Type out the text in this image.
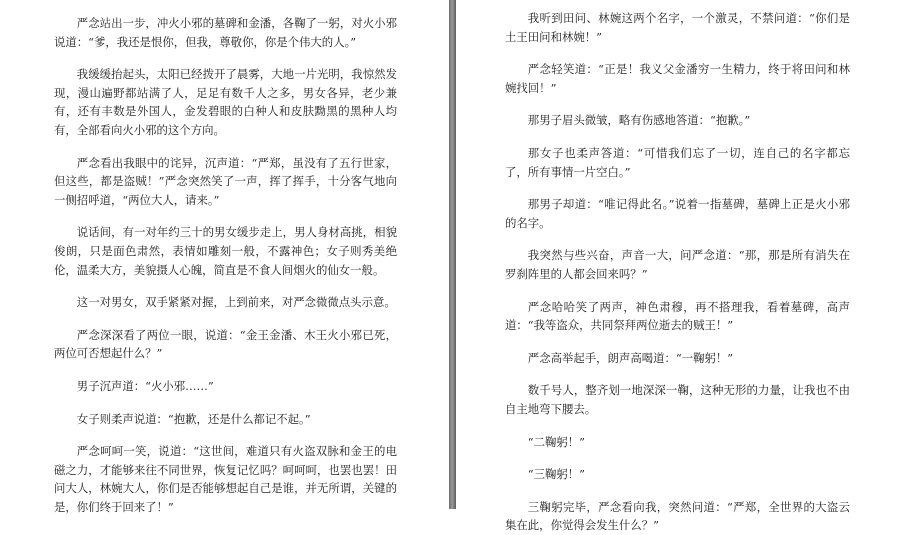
严念站出一步，冲火小邪的墓碑和金潘，各鞠了一躬，对火小邪说道：“爹，我还是恨你，但我，尊敬你，你是个伟大的人。”

我缓缓抬起头，太阳已经拨开了晨雾，大地一片光明，我惊然发现，漫山遍野都站满了人，足足有数千人之多，男女各异，老少兼有，还有丰数是外国人，金发碧眼的白种人和皮肤黝黑的黑种人均有，全部看向火小邪的这个方向。

严念看出我眼中的诧异，沉声道：“严郑，虽没有了五行世家，但这些，都是盗贼！”严念突然笑了一声，挥了挥手，十分客气地向一侧招呼道，“两位大人，请来。”

说话间，有一对年约三十的男女缓步走上，男人身材高挑，相貌俊朗，只是面色肃然，表情如雕刻一般，不露神色；女子则秀美绝伦，温柔大方，美貌摄人心魄，简直是不食人间烟火的仙女一般。

这一对男女，双手紧紧对握，上到前来，对严念微微点头示意。

严念深深看了两位一眼，说道：“金王金潘、木王火小邪已死，两位可否想起什么？”

男子沉声道：“火小邪……”

女子则柔声说道：“抱歉，还是什么都记不起。”

严念呵呵一笑，说道：“这世间，难道只有火盗双脉和金王的电磁之力，才能够来往不同世界，恢复记忆吗？呵呵呵，也罢也罢！田问大人，林婉大人，你们是否能够想起自己是谁，并无所谓，关键的是，你们终于回来了！”

我听到田问、林婉这两个名字，一个激灵，不禁问道：“你们是土王田问和林婉！”

严念轻笑道：“正是！我义父金潘穷一生精力，终于将田问和林婉找回！”

那男子眉头微皱，略有伤感地答道：“抱歉。”

那女子也柔声答道：“可惜我们忘了一切，连自己的名字都忘了，所有事情一片空白。”

那男子却道：“唯记得此名。”说着一指墓碑，墓碑上正是火小邪的名字。

我突然与些兴奋，声音一大，问严念道：“那，那是所有消失在罗刹阵里的人都会回来吗？”

严念哈哈笑了两声，神色肃穆，再不搭理我，看着墓碑，高声道：“我等盗众，共同祭拜两位逝去的贼王！”

严念高举起手，朗声高喝道：“一鞠躬！”

数千号人，整齐划一地深深一鞠，这种无形的力量，让我也不由自主地弯下腰去。

“二鞠躬！”

“三鞠躬！”

三鞠躬完毕，严念看向我，突然问道：“严郑，全世界的大盗云集在此，你觉得会发生什么？”
